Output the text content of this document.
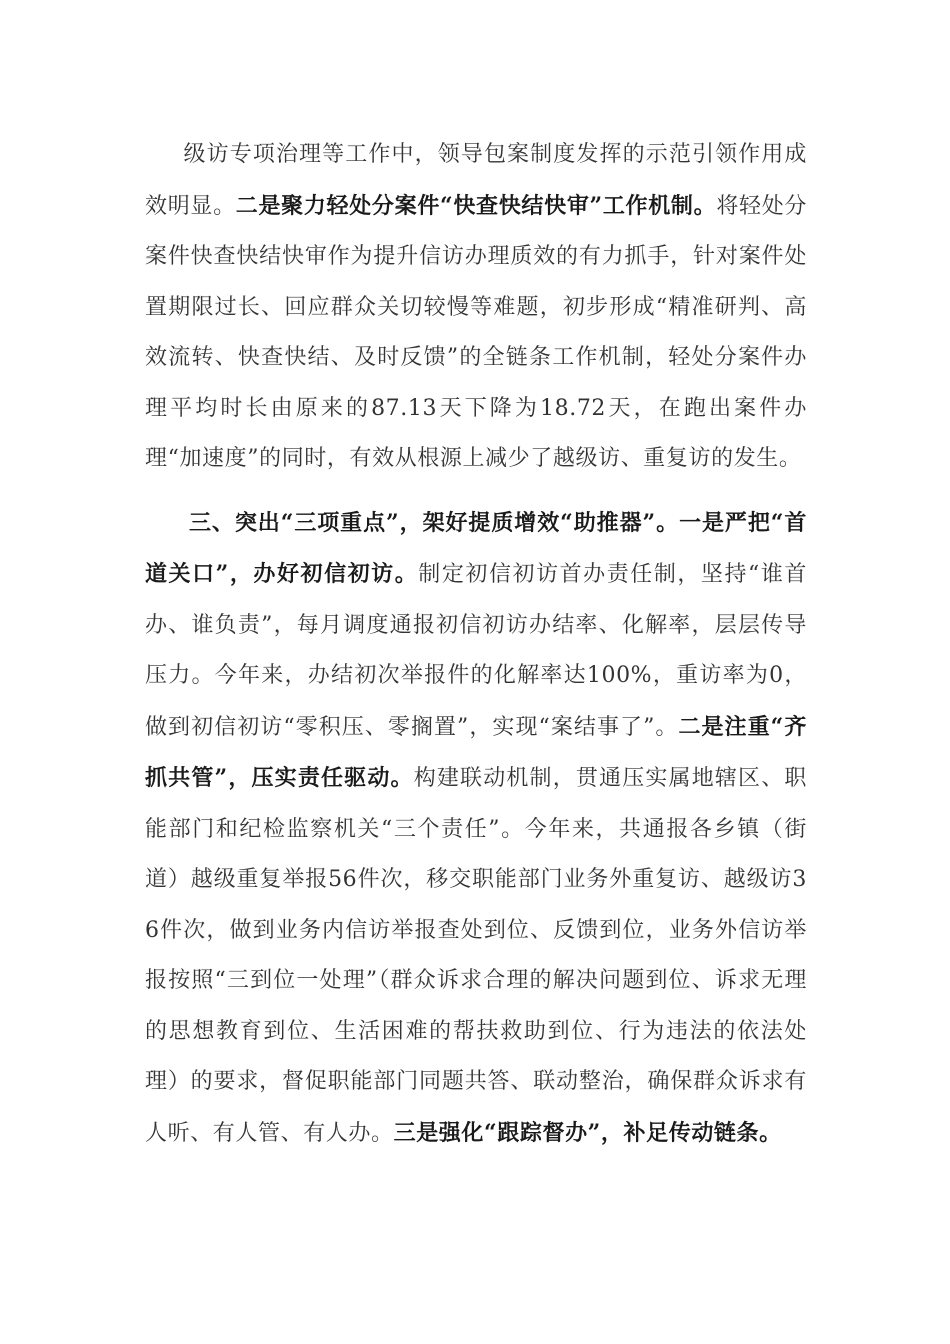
级访专项治理等工作中，领导包案制度发挥的示范引领作用成效明显。二是聚力轻处分案件“快查快结快审”工作机制。将轻处分案件快查快结快审作为提升信访办理质效的有力抓手，针对案件处置期限过长、回应群众关切较慢等难题，初步形成“精准研判、高效流转、快查快结、及时反馈”的全链条工作机制，轻处分案件办理平均时长由原来的87.13天下降为18.72天，在跑出案件办理“加速度”的同时，有效从根源上减少了越级访、重复访的发生。

三、突出“三项重点”，架好提质增效“助推器”。一是严把“首道关口”，办好初信初访。制定初信初访首办责任制，坚持“谁首办、谁负责”，每月调度通报初信初访办结率、化解率，层层传导压力。今年来，办结初次举报件的化解率达100%，重访率为0，做到初信初访“零积压、零搁置”，实现“案结事了”。二是注重“齐抓共管”，压实责任驱动。构建联动机制，贯通压实属地辖区、职能部门和纪检监察机关“三个责任”。今年来，共通报各乡镇（街道）越级重复举报56件次，移交职能部门业务外重复访、越级访36件次，做到业务内信访举报查处到位、反馈到位，业务外信访举报按照“三到位一处理”（群众诉求合理的解决问题到位、诉求无理的思想教育到位、生活困难的帮扶救助到位、行为违法的依法处理）的要求，督促职能部门同题共答、联动整治，确保群众诉求有人听、有人管、有人办。三是强化“跟踪督办”，补足传动链条。
